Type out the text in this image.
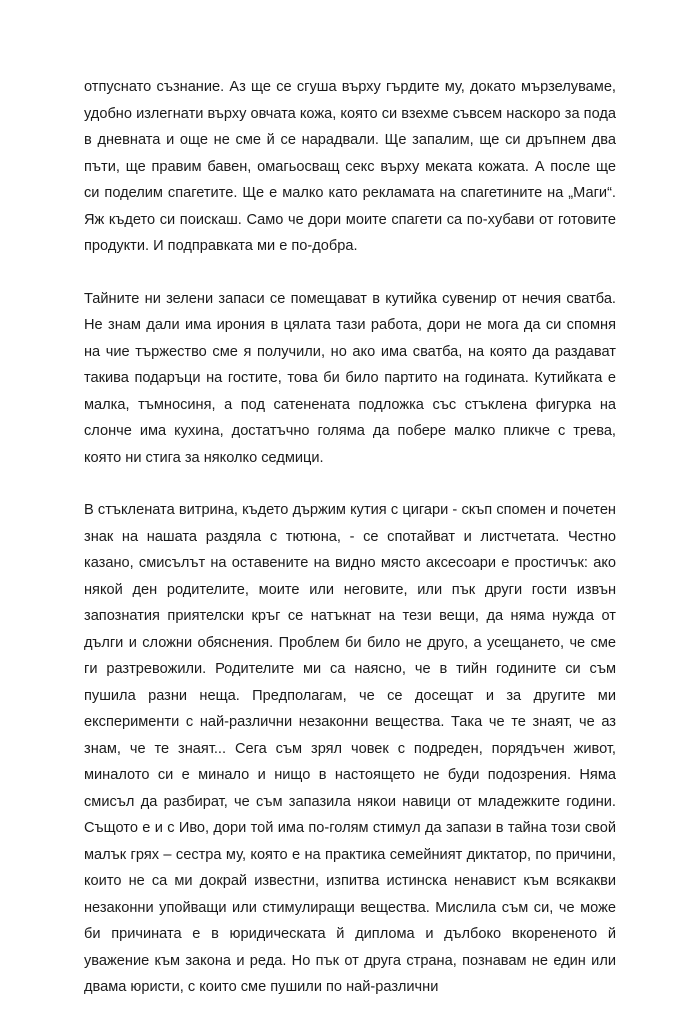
отпуснато съзнание. Аз ще се сгуша върху гърдите му, докато мързелуваме, удобно излегнати върху овчата кожа, която си взехме съвсем наскоро за пода в дневната и още не сме й се нарадвали. Ще запалим, ще си дръпнем два пъти, ще правим бавен, омагьосващ секс върху меката кожата. А после ще си поделим спагетите. Ще е малко като рекламата на спагетините на „Маги“. Яж където си поискаш. Само че дори моите спагети са по-хубави от готовите продукти. И подправката ми е по-добра.

Тайните ни зелени запаси се помещават в кутийка сувенир от нечия сватба. Не знам дали има ирония в цялата тази работа, дори не мога да си спомня на чие тържество сме я получили, но ако има сватба, на която да раздават такива подаръци на гостите, това би било партито на годината. Кутийката е малка, тъмносиня, а под сатенената подложка със стъклена фигурка на слонче има кухина, достатъчно голяма да побере малко пликче с трева, която ни стига за няколко седмици.

В стъклената витрина, където държим кутия с цигари - скъп спомен и почетен знак на нашата раздяла с тютюна, - се спотайват и листчетата. Честно казано, смисълът на оставените на видно място аксесоари е простичък: ако някой ден родителите, моите или неговите, или пък други гости извън запознатия приятелски кръг се натъкнат на тези вещи, да няма нужда от дълги и сложни обяснения. Проблем би било не друго, а усещането, че сме ги разтревожили. Родителите ми са наясно, че в тийн годините си съм пушила разни неща. Предполагам, че се досещат и за другите ми експерименти с най-различни незаконни вещества. Така че те знаят, че аз знам, че те знаят... Сега съм зрял човек с подреден, порядъчен живот, миналото си е минало и нищо в настоящето не буди подозрения. Няма смисъл да разбират, че съм запазила някои навици от младежките години. Същото е и с Иво, дори той има по-голям стимул да запази в тайна този свой малък грях – сестра му, която е на практика семейният диктатор, по причини, които не са ми докрай известни, изпитва истинска ненавист към всякакви незаконни упойващи или стимулиращи вещества. Мислила съм си, че може би причината е в юридическата й диплома и дълбоко вкорененото й уважение към закона и реда. Но пък от друга страна, познавам не един или двама юристи, с които сме пушили по най-различни
